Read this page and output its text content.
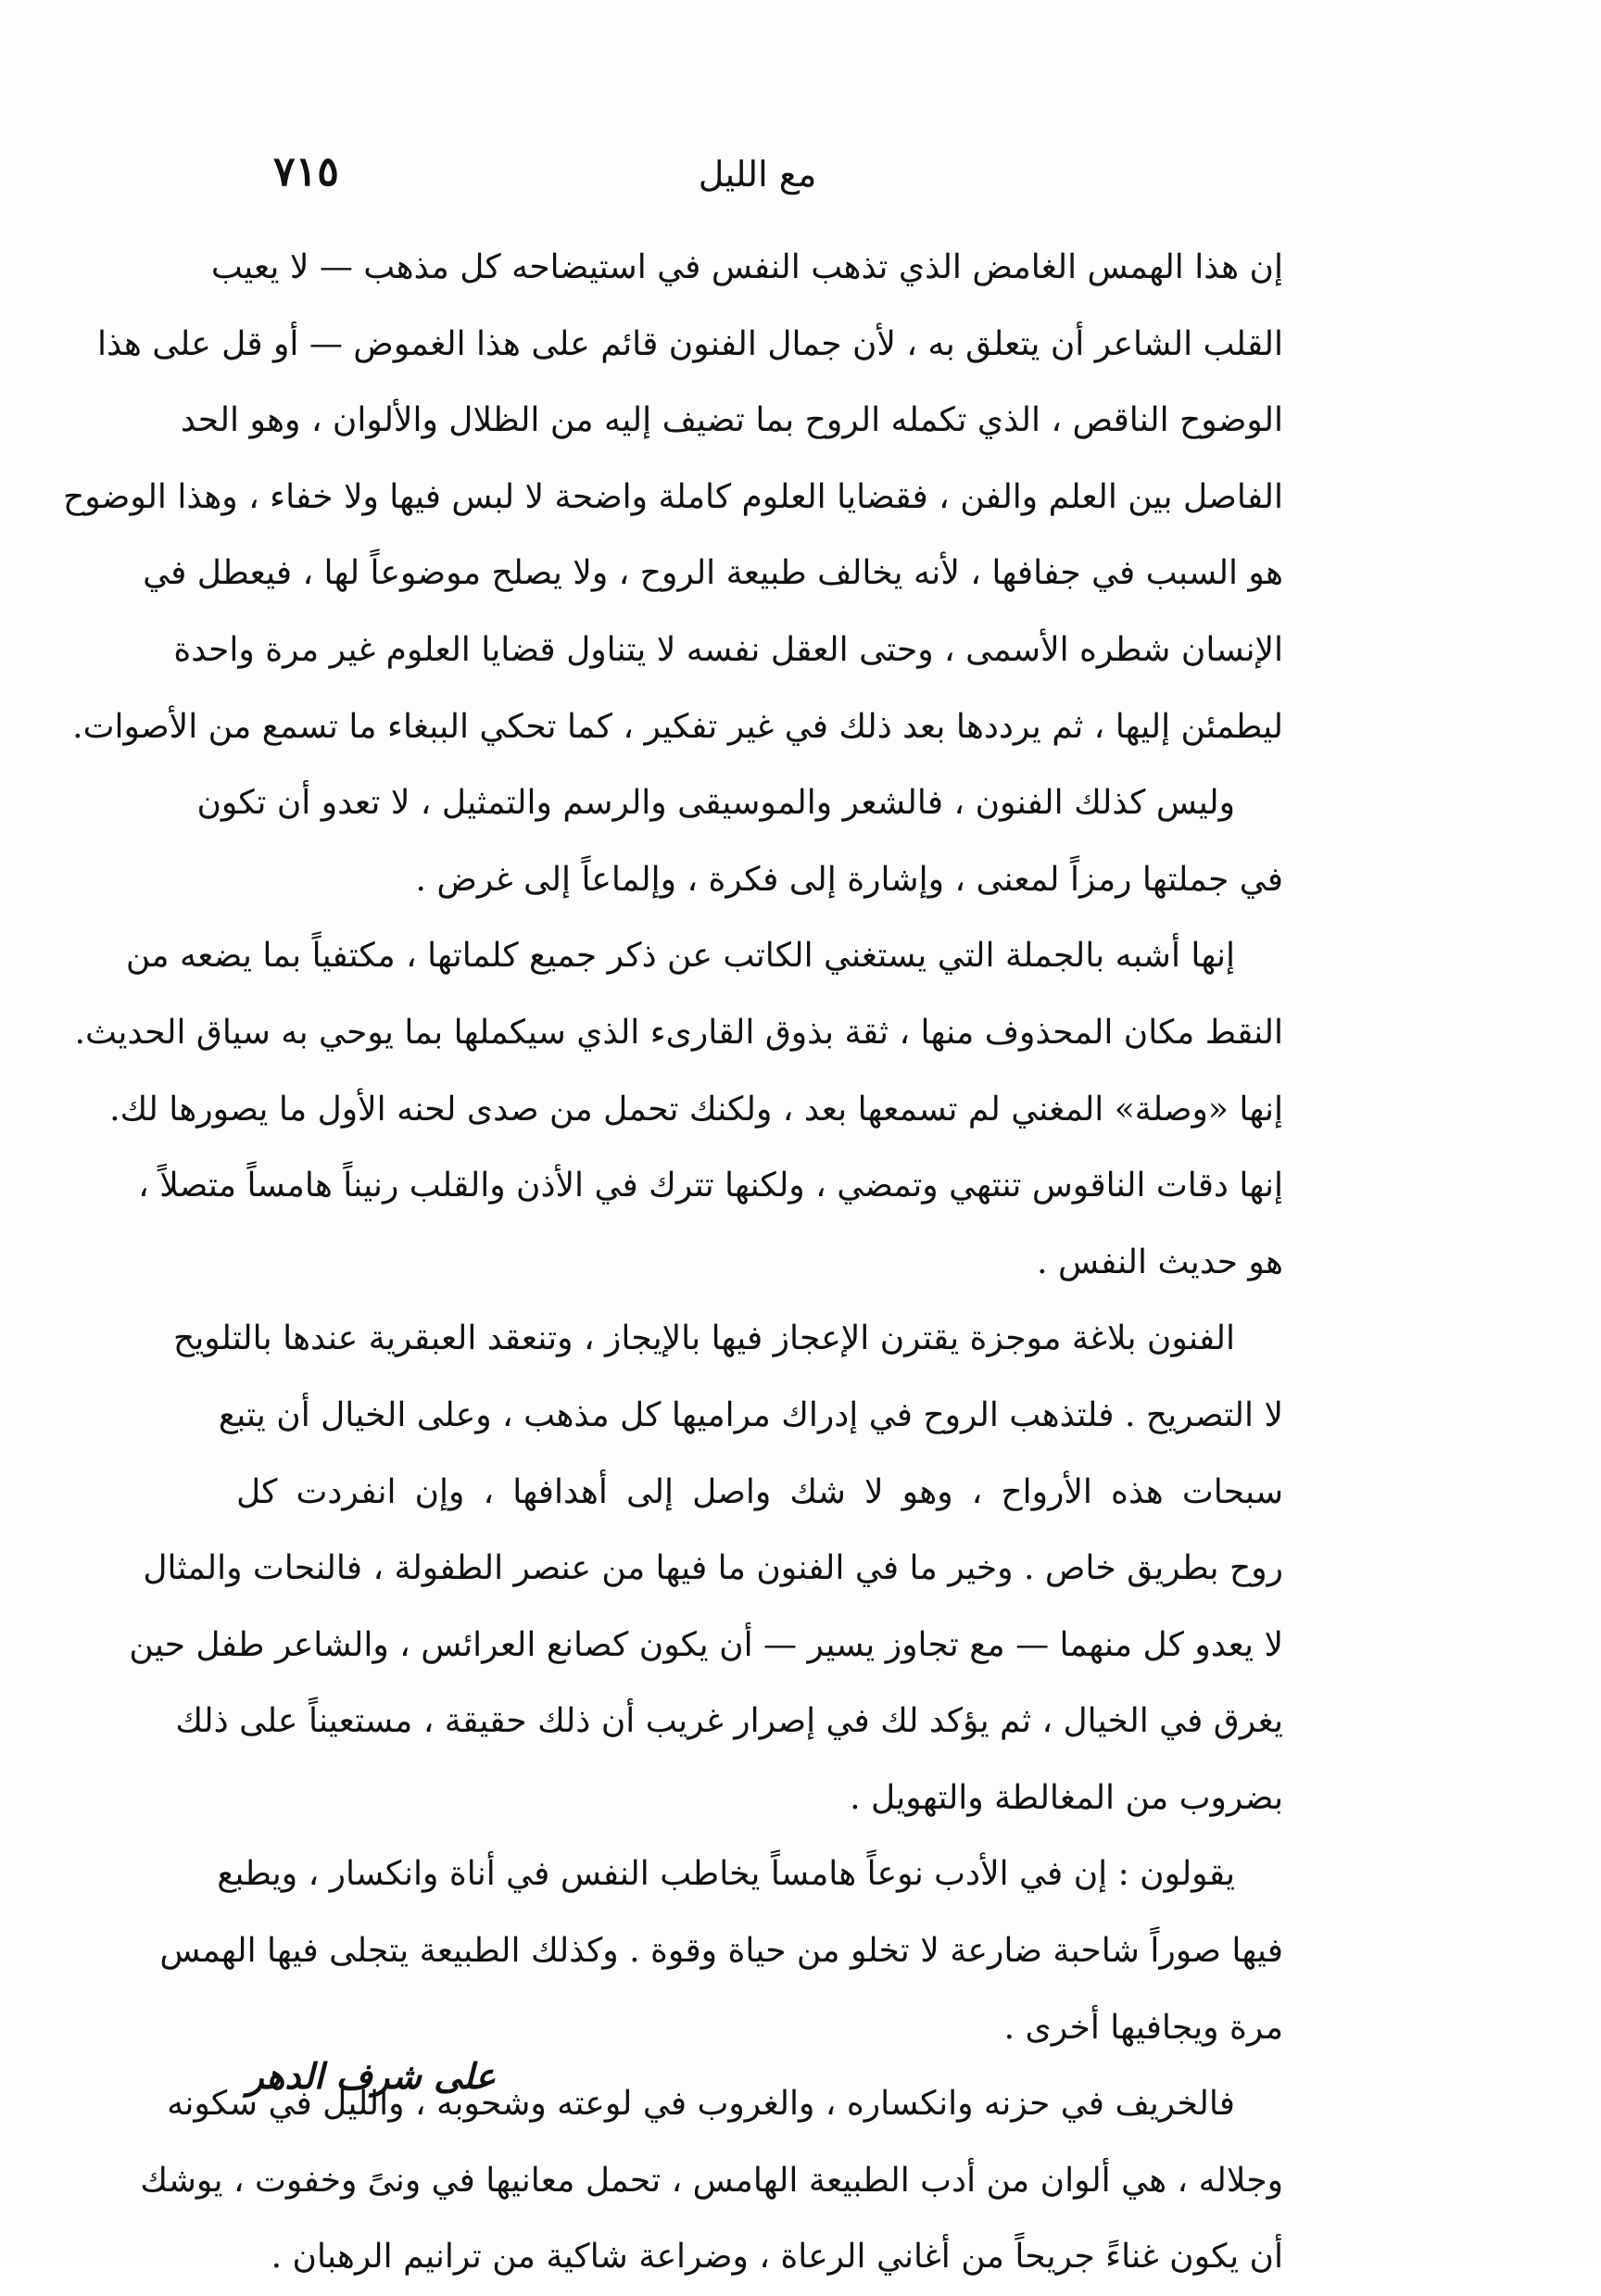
٧١٥	مع الليل
إن هذا الهمس الغامض الذي تذهب النفس في استيضاحه كل مذهب — لا يعيب
القلب الشاعر أن يتعلق به ، لأن جمال الفنون قائم على هذا الغموض — أو قل على هذا
الوضوح الناقص ، الذي تكمله الروح بما تضيف إليه من الظلال والألوان ، وهو الحد
الفاصل بين العلم والفن ، فقضايا العلوم كاملة واضحة لا لبس فيها ولا خفاء ، وهذا الوضوح
هو السبب في جفافها ، لأنه يخالف طبيعة الروح ، ولا يصلح موضوعاً لها ، فيعطل في
الإنسان شطره الأسمى ، وحتى العقل نفسه لا يتناول قضايا العلوم غير مرة واحدة
ليطمئن إليها ، ثم يرددها بعد ذلك في غير تفكير ، كما تحكي الببغاء ما تسمع من الأصوات.
وليس كذلك الفنون ، فالشعر والموسيقى والرسم والتمثيل ، لا تعدو أن تكون
في جملتها رمزاً لمعنى ، وإشارة إلى فكرة ، وإلماعاً إلى غرض .
إنها أشبه بالجملة التي يستغني الكاتب عن ذكر جميع كلماتها ، مكتفياً بما يضعه من
النقط مكان المحذوف منها ، ثقة بذوق القارىء الذي سيكملها بما يوحي به سياق الحديث.
إنها «وصلة» المغني لم تسمعها بعد ، ولكنك تحمل من صدى لحنه الأول ما يصورها لك.
إنها دقات الناقوس تنتهي وتمضي ، ولكنها تترك في الأذن والقلب رنيناً هامساً متصلاً ،
هو حديث النفس .
الفنون بلاغة موجزة يقترن الإعجاز فيها بالإيجاز ، وتنعقد العبقرية عندها بالتلويح
لا التصريح . فلتذهب الروح في إدراك مراميها كل مذهب ، وعلى الخيال أن يتبع
سبحات هذه الأرواح ، وهو لا شك واصل إلى أهدافها ، وإن انفردت كل
روح بطريق خاص . وخير ما في الفنون ما فيها من عنصر الطفولة ، فالنحات والمثال
لا يعدو كل منهما — مع تجاوز يسير — أن يكون كصانع العرائس ، والشاعر طفل حين
يغرق في الخيال ، ثم يؤكد لك في إصرار غريب أن ذلك حقيقة ، مستعيناً على ذلك
بضروب من المغالطة والتهويل .
يقولون : إن في الأدب نوعاً هامساً يخاطب النفس في أناة وانكسار ، ويطبع
فيها صوراً شاحبة ضارعة لا تخلو من حياة وقوة . وكذلك الطبيعة يتجلى فيها الهمس
مرة ويجافيها أخرى .
فالخريف في حزنه وانكساره ، والغروب في لوعته وشحوبه ، والليل في سكونه
وجلاله ، هي ألوان من أدب الطبيعة الهامس ، تحمل معانيها في ونىً وخفوت ، يوشك
أن يكون غناءً جريحاً من أغاني الرعاة ، وضراعة شاكية من ترانيم الرهبان .
على شرف الدهر
